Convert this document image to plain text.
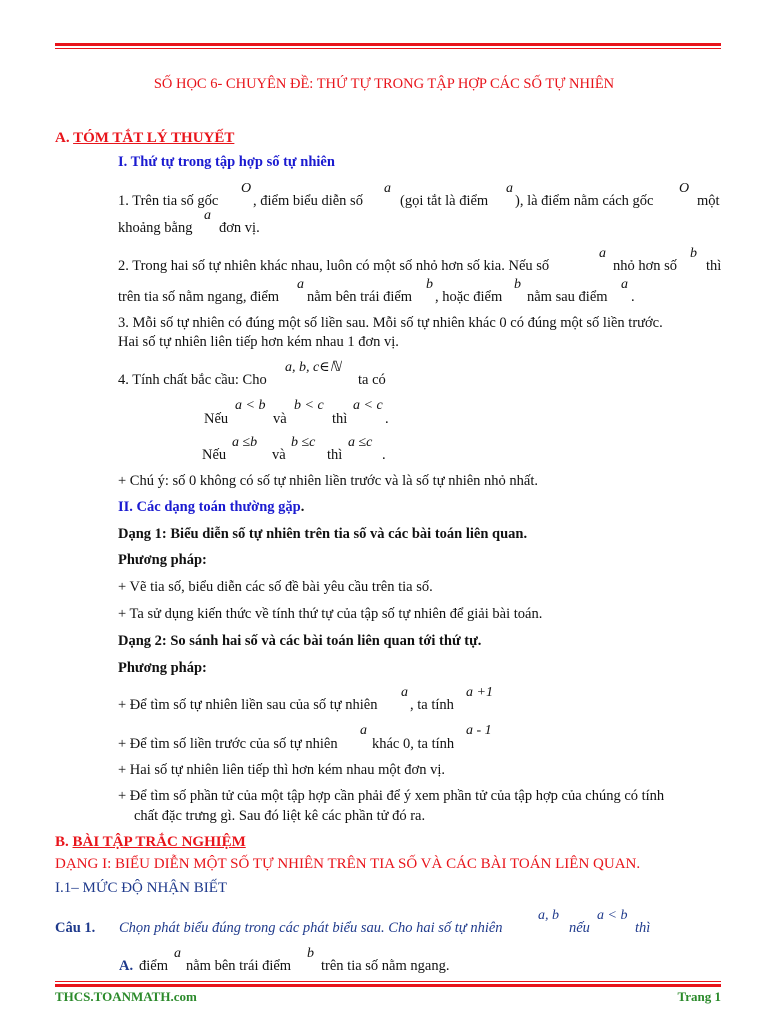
SỐ HỌC 6- CHUYÊN ĐỀ: THỨ TỰ TRONG TẬP HỢP CÁC SỐ TỰ NHIÊN
A. TÓM TẮT LÝ THUYẾT
I. Thứ tự trong tập hợp số tự nhiên
1. Trên tia số gốc
O
, điểm biểu diễn số
a
(gọi tắt là điểm
a
), là điểm nằm cách gốc
O
một
khoảng bằng
a
đơn vị.
2. Trong hai số tự nhiên khác nhau, luôn có một số nhỏ hơn số kia. Nếu số
a
nhỏ hơn số
b
thì
trên tia số nằm ngang, điểm
a
nằm bên trái điểm
b
, hoặc điểm
b
nằm sau điểm
a
.
3. Mỗi số tự nhiên có đúng một số liền sau. Mỗi số tự nhiên khác 0 có đúng một số liền trước.
Hai số tự nhiên liên tiếp hơn kém nhau 1 đơn vị.
4. Tính chất bắc cầu: Cho
a, b, c∈ℕ
ta có
Nếu
a < b
và
b < c
thì
a < c
.
Nếu
a ≤b
và
b ≤c
thì
a ≤c
.
+ Chú ý: số 0 không có số tự nhiên liền trước và là số tự nhiên nhỏ nhất.
II. Các dạng toán thường gặp.
Dạng 1: Biểu diễn số tự nhiên trên tia số và các bài toán liên quan.
Phương pháp:
+ Vẽ tia số, biểu diễn các số đề bài yêu cầu trên tia số.
+ Ta sử dụng kiến thức về tính thứ tự của tập số tự nhiên để giải bài toán.
Dạng 2: So sánh hai số và các bài toán liên quan tới thứ tự.
Phương pháp:
+ Để tìm số tự nhiên liền sau của số tự nhiên
a
, ta tính
a +1
+ Để tìm số liền trước của số tự nhiên
a
khác 0, ta tính
a - 1
+ Hai số tự nhiên liên tiếp thì hơn kém nhau một đơn vị.
+ Để tìm số phần tử của một tập hợp cần phải để ý xem phần tử của tập hợp của chúng có tính
chất đặc trưng gì. Sau đó liệt kê các phần tử đó ra.
B. BÀI TẬP TRẮC NGHIỆM
DẠNG I: BIỂU DIỄN MỘT SỐ TỰ NHIÊN TRÊN TIA SỐ VÀ CÁC BÀI TOÁN LIÊN QUAN.
I.1– MỨC ĐỘ NHẬN BIẾT
Câu 1. Chọn phát biểu đúng trong các phát biểu sau. Cho hai số tự nhiên
a, b
nếu
a < b
thì
A. điểm
a
nằm bên trái điểm
b
trên tia số nằm ngang.
THCS.TOANMATH.com	Trang 1
